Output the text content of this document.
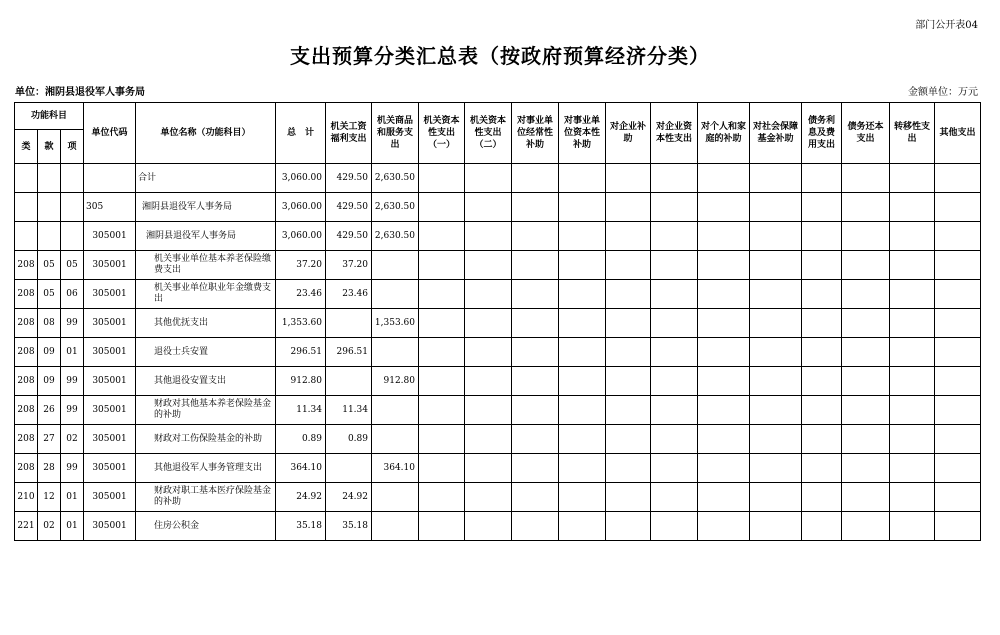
部门公开表04
支出预算分类汇总表（按政府预算经济分类）
单位：湘阴县退役军人事务局	金额单位：万元
功能科目			单位代码	单位名称（功能科目）	总　计	机关工资福利支出	机关商品和服务支出	机关资本性支出（一）	机关资本性支出（二）	对事业单位经常性补助	对事业单位资本性补助	对企业补助	对企业资本性支出	对个人和家庭的补助	对社会保障基金补助	债务利息及费用支出	债务还本支出	转移性支出	其他支出
类	款	项																	
				合计	3,060.00	429.50	2,630.50												
			305	湘阴县退役军人事务局	3,060.00	429.50	2,630.50												
			305001	湘阴县退役军人事务局	3,060.00	429.50	2,630.50												
208	05	05	305001	机关事业单位基本养老保险缴费支出	37.20	37.20													
208	05	06	305001	机关事业单位职业年金缴费支出	23.46	23.46													
208	08	99	305001	其他优抚支出	1,353.60		1,353.60												
208	09	01	305001	退役士兵安置	296.51	296.51													
208	09	99	305001	其他退役安置支出	912.80		912.80												
208	26	99	305001	财政对其他基本养老保险基金的补助	11.34	11.34													
208	27	02	305001	财政对工伤保险基金的补助	0.89	0.89													
208	28	99	305001	其他退役军人事务管理支出	364.10		364.10												
210	12	01	305001	财政对职工基本医疗保险基金的补助	24.92	24.92													
221	02	01	305001	住房公积金	35.18	35.18													
